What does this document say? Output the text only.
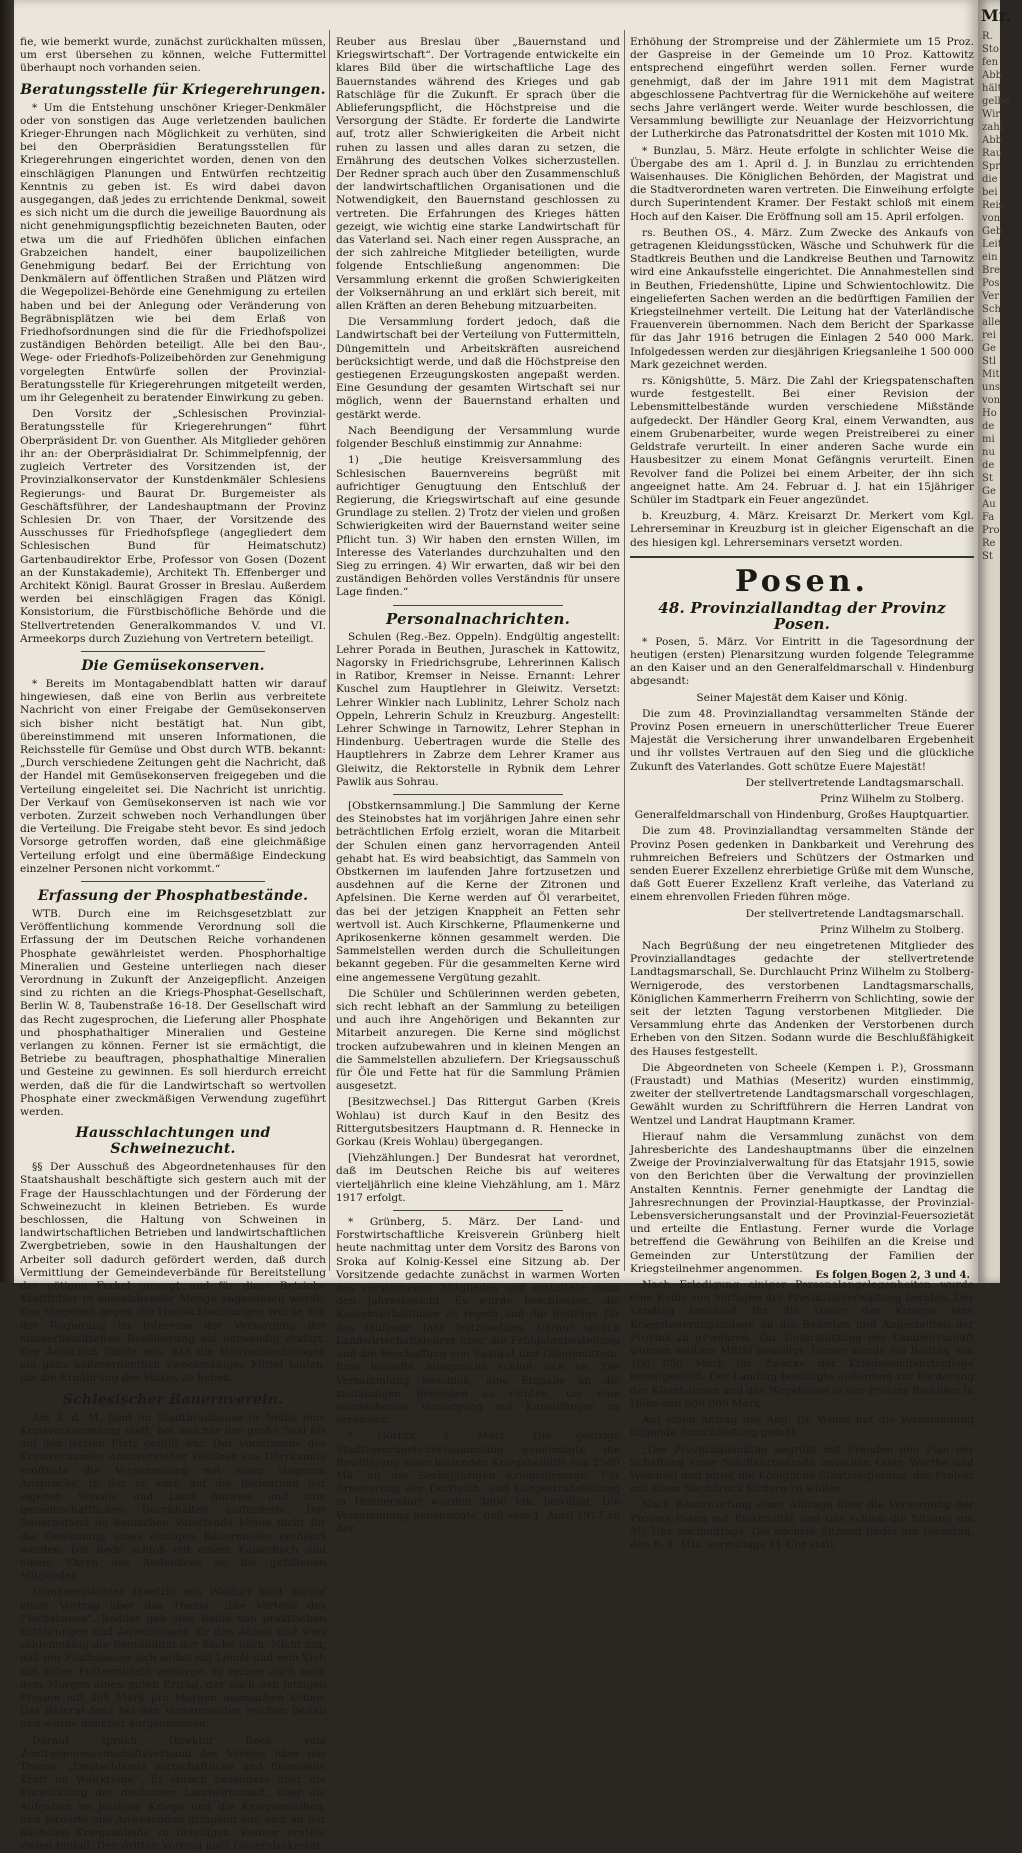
fie, wie bemerkt wurde, zunächst zurückhalten müssen, um erst übersehen zu können, welche Futtermittel überhaupt noch vorhanden seien.

Beratungsstelle für Kriegerehrungen.

* Um die Entstehung unschöner Krieger-Denkmäler oder von sonstigen das Auge verletzenden baulichen Krieger-Ehrungen nach Möglichkeit zu verhüten, sind bei den Oberpräsidien Beratungsstellen für Kriegerehrungen eingerichtet worden, denen von den einschlägigen Planungen und Entwürfen rechtzeitig Kenntnis zu geben ist. Es wird dabei davon ausgegangen, daß jedes zu errichtende Denkmal, soweit es sich nicht um die durch die jeweilige Bauordnung als nicht genehmigungspflichtig bezeichneten Bauten, oder etwa um die auf Friedhöfen üblichen einfachen Grabzeichen handelt, einer baupolizeilichen Genehmigung bedarf. Bei der Errichtung von Denkmälern auf öffentlichen Straßen und Plätzen wird die Wegepolizei-Behörde eine Genehmigung zu erteilen haben und bei der Anlegung oder Veränderung von Begräbnisplätzen wie bei dem Erlaß von Friedhofsordnungen sind die für die Friedhofspolizei zuständigen Behörden beteiligt. Alle bei den Bau-, Wege- oder Friedhofs-Polizeibehörden zur Genehmigung vorgelegten Entwürfe sollen der Provinzial-Beratungsstelle für Kriegerehrungen mitgeteilt werden, um ihr Gelegenheit zu beratender Einwirkung zu geben.

Den Vorsitz der „Schlesischen Provinzial-Beratungsstelle für Kriegerehrungen“ führt Oberpräsident Dr. von Guenther. Als Mitglieder gehören ihr an: der Oberpräsidialrat Dr. Schimmelpfennig, der zugleich Vertreter des Vorsitzenden ist, der Provinzialkonservator der Kunstdenkmäler Schlesiens Regierungs- und Baurat Dr. Burgemeister als Geschäftsführer, der Landeshauptmann der Provinz Schlesien Dr. von Thaer, der Vorsitzende des Ausschusses für Friedhofspflege (angegliedert dem Schlesischen Bund für Heimatschutz) Gartenbaudirektor Erbe, Professor von Gosen (Dozent an der Kunstakademie), Architekt Th. Effenberger und Architekt Königl. Baurat Grosser in Breslau. Außerdem werden bei einschlägigen Fragen das Königl. Konsistorium, die Fürstbischöfliche Behörde und die Stellvertretenden Generalkommandos V. und VI. Armeekorps durch Zuziehung von Vertretern beteiligt.

Die Gemüsekonserven.

* Bereits im Montagabendblatt hatten wir darauf hingewiesen, daß eine von Berlin aus verbreitete Nachricht von einer Freigabe der Gemüsekonserven sich bisher nicht bestätigt hat. Nun gibt, übereinstimmend mit unseren Informationen, die Reichsstelle für Gemüse und Obst durch WTB. bekannt: „Durch verschiedene Zeitungen geht die Nachricht, daß der Handel mit Gemüsekonserven freigegeben und die Verteilung eingeleitet sei. Die Nachricht ist unrichtig. Der Verkauf von Gemüsekonserven ist nach wie vor verboten. Zurzeit schweben noch Verhandlungen über die Verteilung. Die Freigabe steht bevor. Es sind jedoch Vorsorge getroffen worden, daß eine gleichmäßige Verteilung erfolgt und eine übermäßige Eindeckung einzelner Personen nicht vorkommt.“

Erfassung der Phosphatbestände.

WTB. Durch eine im Reichsgesetzblatt zur Veröffentlichung kommende Verordnung soll die Erfassung der im Deutschen Reiche vorhandenen Phosphate gewährleistet werden. Phosphorhaltige Mineralien und Gesteine unterliegen nach dieser Verordnung in Zukunft der Anzeigepflicht. Anzeigen sind zu richten an die Kriegs-Phosphat-Gesellschaft, Berlin W. 8, Taubenstraße 16-18. Der Gesellschaft wird das Recht zugesprochen, die Lieferung aller Phosphate und phosphathaltiger Mineralien und Gesteine verlangen zu können. Ferner ist sie ermächtigt, die Betriebe zu beauftragen, phosphathaltige Mineralien und Gesteine zu gewinnen. Es soll hierdurch erreicht werden, daß die für die Landwirtschaft so wertvollen Phosphate einer zweckmäßigen Verwendung zugeführt werden.

Hausschlachtungen und Schweinezucht.

§§ Der Ausschuß des Abgeordnetenhauses für den Staatshaushalt beschäftigte sich gestern auch mit der Frage der Hausschlachtungen und der Förderung der Schweinezucht in kleinen Betrieben. Es wurde beschlossen, die Haltung von Schweinen in landwirtschaftlichen Betrieben und landwirtschaftlichen Zwergbetrieben, sowie in den Haushaltungen der Arbeiter soll dadurch gefördert werden, daß durch Vermittlung der Gemeindeverbände für Bereitstellung der nötigen Ferkel gesorgt und für diese Betriebe Kraftfutter in ausreichender Menge angewiesen werde. Das Vorgehen gegen die Hausschlachtungen wurde von der Regierung im Interesse der Versorgung der minderbemittelten Bevölkerung als notwendig erklärt. Der Ausschuß führte aus, daß die Hausschlachtungen ein ganz außerordentlich zweckmäßiges Mittel bilden, um die Ernährung des Volkes zu heben.

Schlesischer Bauernverein.

Am 3. d. M. fand im Stadtbrauhause in Neiße eine Kreisversammlung statt, bei welcher der große Saal bis auf den letzten Platz gefüllt war. Der Vorsitzende des Kreisverbandes Amtsvorsteher Weißner aus Dürrkamitz eröffnete die Versammlung mit einer längeren Ansprache, in der er auch auf die Bedeutung der eigenen Scholle und Land hinwies und zum gemeinschaftlichen Durchhalten aufforderte. Der Bauernstand im deutschen Vaterlande könne nicht für die Gewinnung eines einzigen Bauernhofes entbehrt werden. Die Rede schloß mit einem Kaiserhoch und einem Ehren des Andenkens an die gefallenen Mitglieder.

Domänenpächter Janetzki aus Waldorf hielt darauf einen Vortrag über das Thema: „Die Vorteile des Flachsbaues“. Redner gab eine Reihe von praktischen Erfahrungen und Anweisungen für den Anbau und wies zahlenmäßig die Rentabilität der Sache nach. Nicht nur, daß der Flachsbauer sich selbst mit Leinöl und sein Vieh mit guten Futtermitteln versorge, er erziele auch noch dem Morgen einen guten Ertrag, der nach den jetzigen Preisen mit 468 Mark pro Morgen ausmachen könne. Das Referat fand bei den Versammelten reichen Beifall und wurde dankbar aufgenommen.

Darauf sprach Direktor Beck vom Zentralgenossenschaftsverband des Vereins über das Thema: „Deutschlands wirtschaftliche und finanzielle Kraft im Weltkriege“. Er sprach besonders über die Entwicklung der deutschen Landwirtschaft, über die Aufgaben im jetzigen Kriege und die Kriegsanleihen, und forderte alle Anwesenden dringend auf, sich an der nächsten Kriegsanleihe zu beteiligen. Redner erntete vielen Beifall. Den dritten Vortrag hielt Generalsekretär

Reuber aus Breslau über „Bauernstand und Kriegswirtschaft“. Der Vortragende entwickelte ein klares Bild über die wirtschaftliche Lage des Bauernstandes während des Krieges und gab Ratschläge für die Zukunft. Er sprach über die Ablieferungspflicht, die Höchstpreise und die Versorgung der Städte. Er forderte die Landwirte auf, trotz aller Schwierigkeiten die Arbeit nicht ruhen zu lassen und alles daran zu setzen, die Ernährung des deutschen Volkes sicherzustellen. Der Redner sprach auch über den Zusammenschluß der landwirtschaftlichen Organisationen und die Notwendigkeit, den Bauernstand geschlossen zu vertreten. Die Erfahrungen des Krieges hätten gezeigt, wie wichtig eine starke Landwirtschaft für das Vaterland sei. Nach einer regen Aussprache, an der sich zahlreiche Mitglieder beteiligten, wurde folgende Entschließung angenommen: Die Versammlung erkennt die großen Schwierigkeiten der Volksernährung an und erklärt sich bereit, mit allen Kräften an deren Behebung mitzuarbeiten.

Die Versammlung fordert jedoch, daß die Landwirtschaft bei der Verteilung von Futtermitteln, Düngemitteln und Arbeitskräften ausreichend berücksichtigt werde, und daß die Höchstpreise den gestiegenen Erzeugungskosten angepaßt werden. Eine Gesundung der gesamten Wirtschaft sei nur möglich, wenn der Bauernstand erhalten und gestärkt werde.

Nach Beendigung der Versammlung wurde folgender Beschluß einstimmig zur Annahme:

1) „Die heutige Kreisversammlung des Schlesischen Bauernvereins begrüßt mit aufrichtiger Genugtuung den Entschluß der Regierung, die Kriegswirtschaft auf eine gesunde Grundlage zu stellen. 2) Trotz der vielen und großen Schwierigkeiten wird der Bauernstand weiter seine Pflicht tun. 3) Wir haben den ernsten Willen, im Interesse des Vaterlandes durchzuhalten und den Sieg zu erringen. 4) Wir erwarten, daß wir bei den zuständigen Behörden volles Verständnis für unsere Lage finden.“

Personalnachrichten.

Schulen (Reg.-Bez. Oppeln). Endgültig angestellt: Lehrer Porada in Beuthen, Juraschek in Kattowitz, Nagorsky in Friedrichsgrube, Lehrerinnen Kalisch in Ratibor, Kremser in Neisse. Ernannt: Lehrer Kuschel zum Hauptlehrer in Gleiwitz. Versetzt: Lehrer Winkler nach Lublinitz, Lehrer Scholz nach Oppeln, Lehrerin Schulz in Kreuzburg. Angestellt: Lehrer Schwinge in Tarnowitz, Lehrer Stephan in Hindenburg. Uebertragen wurde die Stelle des Hauptlehrers in Zabrze dem Lehrer Kramer aus Gleiwitz, die Rektorstelle in Rybnik dem Lehrer Pawlik aus Sohrau.

[Obstkernsammlung.] Die Sammlung der Kerne des Steinobstes hat im vorjährigen Jahre einen sehr beträchtlichen Erfolg erzielt, woran die Mitarbeit der Schulen einen ganz hervorragenden Anteil gehabt hat. Es wird beabsichtigt, das Sammeln von Obstkernen im laufenden Jahre fortzusetzen und ausdehnen auf die Kerne der Zitronen und Apfelsinen. Die Kerne werden auf Öl verarbeitet, das bei der jetzigen Knappheit an Fetten sehr wertvoll ist. Auch Kirschkerne, Pflaumenkerne und Aprikosenkerne können gesammelt werden. Die Sammelstellen werden durch die Schulleitungen bekannt gegeben. Für die gesammelten Kerne wird eine angemessene Vergütung gezahlt.

Die Schüler und Schülerinnen werden gebeten, sich recht lebhaft an der Sammlung zu beteiligen und auch ihre Angehörigen und Bekannten zur Mitarbeit anzuregen. Die Kerne sind möglichst trocken aufzubewahren und in kleinen Mengen an die Sammelstellen abzuliefern. Der Kriegsausschuß für Öle und Fette hat für die Sammlung Prämien ausgesetzt.

[Besitzwechsel.] Das Rittergut Garben (Kreis Wohlau) ist durch Kauf in den Besitz des Rittergutsbesitzers Hauptmann d. R. Hennecke in Gorkau (Kreis Wohlau) übergegangen.

[Viehzählungen.] Der Bundesrat hat verordnet, daß im Deutschen Reiche bis auf weiteres vierteljährlich eine kleine Viehzählung, am 1. März 1917 erfolgt.

* Grünberg, 5. März. Der Land- und Forstwirtschaftliche Kreisverein Grünberg hielt heute nachmittag unter dem Vorsitz des Barons von Sroka auf Kolnig-Kessel eine Sitzung ab. Der Vorsitzende gedachte zunächst in warmen Worten des verstorbenen Mitgliedes und erstattete dann den Jahresbericht. Es wurde beschlossen, die Kassenverhältnisse zu regeln und die Beiträge für das laufende Jahr festzusetzen. Darauf sprach Landwirtschaftslehrer über die Frühjahrsbestellung und die Beschaffung von Saatgut und Düngemitteln. Eine lebhafte Aussprache schloß sich an. Die Versammlung beschloß, eine Eingabe an die zuständigen Behörden zu richten, um eine ausreichende Versorgung mit Kunstdünger zu erreichen.

* Görlitz, 2. März. Die gestrige Stadtverordnetenversammlung genehmigte die Bewilligung einer laufenden Kriegsbeihilfe von 2500 Mk. an die Sechsjährigen Kriegsfürsorge. Für Erneuerung der Dorfteich- und Langestraßeleitung in Hennersdorf wurden 3800 Mk. bewilligt. Die Versammlung genehmigte, daß vom 1. April 1917 ab der

Erhöhung der Strompreise und der Zählermiete um 15 Proz. der Gaspreise in der Gemeinde um 10 Proz. Kattowitz entsprechend eingeführt werden sollen. Ferner wurde genehmigt, daß der im Jahre 1911 mit dem Magistrat abgeschlossene Pachtvertrag für die Wernickehöhe auf weitere sechs Jahre verlängert werde. Weiter wurde beschlossen, die Versammlung bewilligte zur Neuanlage der Heizvorrichtung der Lutherkirche das Patronatsdrittel der Kosten mit 1010 Mk.

* Bunzlau, 5. März. Heute erfolgte in schlichter Weise die Übergabe des am 1. April d. J. in Bunzlau zu errichtenden Waisenhauses. Die Königlichen Behörden, der Magistrat und die Stadtverordneten waren vertreten. Die Einweihung erfolgte durch Superintendent Kramer. Der Festakt schloß mit einem Hoch auf den Kaiser. Die Eröffnung soll am 15. April erfolgen.

rs. Beuthen OS., 4. März. Zum Zwecke des Ankaufs von getragenen Kleidungsstücken, Wäsche und Schuhwerk für die Stadtkreis Beuthen und die Landkreise Beuthen und Tarnowitz wird eine Ankaufsstelle eingerichtet. Die Annahmestellen sind in Beuthen, Friedenshütte, Lipine und Schwientochlowitz. Die eingelieferten Sachen werden an die bedürftigen Familien der Kriegsteilnehmer verteilt. Die Leitung hat der Vaterländische Frauenverein übernommen. Nach dem Bericht der Sparkasse für das Jahr 1916 betrugen die Einlagen 2 540 000 Mark. Infolgedessen werden zur diesjährigen Kriegsanleihe 1 500 000 Mark gezeichnet werden.

rs. Königshütte, 5. März. Die Zahl der Kriegspatenschaften wurde festgestellt. Bei einer Revision der Lebensmittelbestände wurden verschiedene Mißstände aufgedeckt. Der Händler Georg Kral, einem Verwandten, aus einem Grubenarbeiter, wurde wegen Preistreiberei zu einer Geldstrafe verurteilt. In einer anderen Sache wurde ein Hausbesitzer zu einem Monat Gefängnis verurteilt. Einen Revolver fand die Polizei bei einem Arbeiter, der ihn sich angeeignet hatte. Am 24. Februar d. J. hat ein 15jähriger Schüler im Stadtpark ein Feuer angezündet.

b. Kreuzburg, 4. März. Kreisarzt Dr. Merkert vom Kgl. Lehrerseminar in Kreuzburg ist in gleicher Eigenschaft an die des hiesigen kgl. Lehrerseminars versetzt worden.

Posen.
48. Provinziallandtag der Provinz Posen.

* Posen, 5. März. Vor Eintritt in die Tagesordnung der heutigen (ersten) Plenarsitzung wurden folgende Telegramme an den Kaiser und an den Generalfeldmarschall v. Hindenburg abgesandt:

Seiner Majestät dem Kaiser und König.

Die zum 48. Provinziallandtag versammelten Stände der Provinz Posen erneuern in unerschütterlicher Treue Euerer Majestät die Versicherung ihrer unwandelbaren Ergebenheit und ihr vollstes Vertrauen auf den Sieg und die glückliche Zukunft des Vaterlandes. Gott schütze Euere Majestät!

Der stellvertretende Landtagsmarschall.

Prinz Wilhelm zu Stolberg.

Generalfeldmarschall von Hindenburg, Großes Hauptquartier.

Die zum 48. Provinziallandtag versammelten Stände der Provinz Posen gedenken in Dankbarkeit und Verehrung des ruhmreichen Befreiers und Schützers der Ostmarken und senden Euerer Exzellenz ehrerbietige Grüße mit dem Wunsche, daß Gott Euerer Exzellenz Kraft verleihe, das Vaterland zu einem ehrenvollen Frieden führen möge.

Der stellvertretende Landtagsmarschall.

Prinz Wilhelm zu Stolberg.

Nach Begrüßung der neu eingetretenen Mitglieder des Provinziallandtages gedachte der stellvertretende Landtagsmarschall, Se. Durchlaucht Prinz Wilhelm zu Stolberg-Wernigerode, des verstorbenen Landtagsmarschalls, Königlichen Kammerherrn Freiherrn von Schlichting, sowie der seit der letzten Tagung verstorbenen Mitglieder. Die Versammlung ehrte das Andenken der Verstorbenen durch Erheben von den Sitzen. Sodann wurde die Beschlußfähigkeit des Hauses festgestellt.

Die Abgeordneten von Scheele (Kempen i. P.), Grossmann (Fraustadt) und Mathias (Meseritz) wurden einstimmig, zweiter der stellvertretende Landtagsmarschall vorgeschlagen, Gewählt wurden zu Schriftführern die Herren Landrat von Wentzel und Landrat Hauptmann Kramer.

Hierauf nahm die Versammlung zunächst von dem Jahresberichte des Landeshauptmanns über die einzelnen Zweige der Provinzialverwaltung für das Etatsjahr 1915, sowie von den Berichten über die Verwaltung der provinziellen Anstalten Kenntnis. Ferner genehmigte der Landtag die Jahresrechnungen der Provinzial-Hauptkasse, der Provinzial-Lebensversicherungsanstalt und der Provinzial-Feuersozietät und erteilte die Entlastung. Ferner wurde die Vorlage betreffend die Gewährung von Beihilfen an die Kreise und Gemeinden zur Unterstützung der Familien der Kriegsteilnehmer angenommen.

Nach Erledigung einiger Personalangelegenheiten wurde eine Reihe von Vorlagen der Provinzialverwaltung beraten. Der Landtag beschloß für die Dauer des Krieges eine Kriegsteuerungszulage an die Beamten und Angestellten der Provinz zu gewähren. Zur Unterstützung der Landwirtschaft wurden weitere Mittel bewilligt. Ferner wurde ein Beitrag von 100 000 Mark für Zwecke der Kriegswohlfahrtspflege bereitgestellt. Der Landtag bewilligte außerdem zur Förderung der Kleinbahnen und des Wegebaues in der Provinz Beihilfen in Höhe von 600 000 Mark.

Auf einen Antrag des Abg. Dr. Wilms hat die Versammlung folgende Entschließung gefaßt:

„Der Provinziallandtag begrüßt mit Freuden den Plan der Schaffung einer Schiffahrtsstraße zwischen Oder, Warthe und Weichsel und bittet die Königliche Staatsregierung, das Projekt mit allem Nachdruck fördern zu wollen.“

Nach Beantwortung einer Anfrage über die Versorgung der Provinz Posen mit Elektrizität und Gas schloß die Sitzung um 3½ Uhr nachmittags. Die nächste Sitzung findet am Dienstag, den 6. d. Mts. vormittags 11 Uhr statt.

Es folgen Bogen 2, 3 und 4.
Mr.
R.
Sto
fen
Abb
hält
gelbe
Wir
zahl
Abb
Rau
Spr
die
bei
Reis
von
Geb
Leit
ein
Bre
Pos
Ver
Sch
alle
rei
Ge
Stl
Mit
uns
von
Ho
de
mi
nu
de
St
Ge
Au
Fa
Pro
Re
St
